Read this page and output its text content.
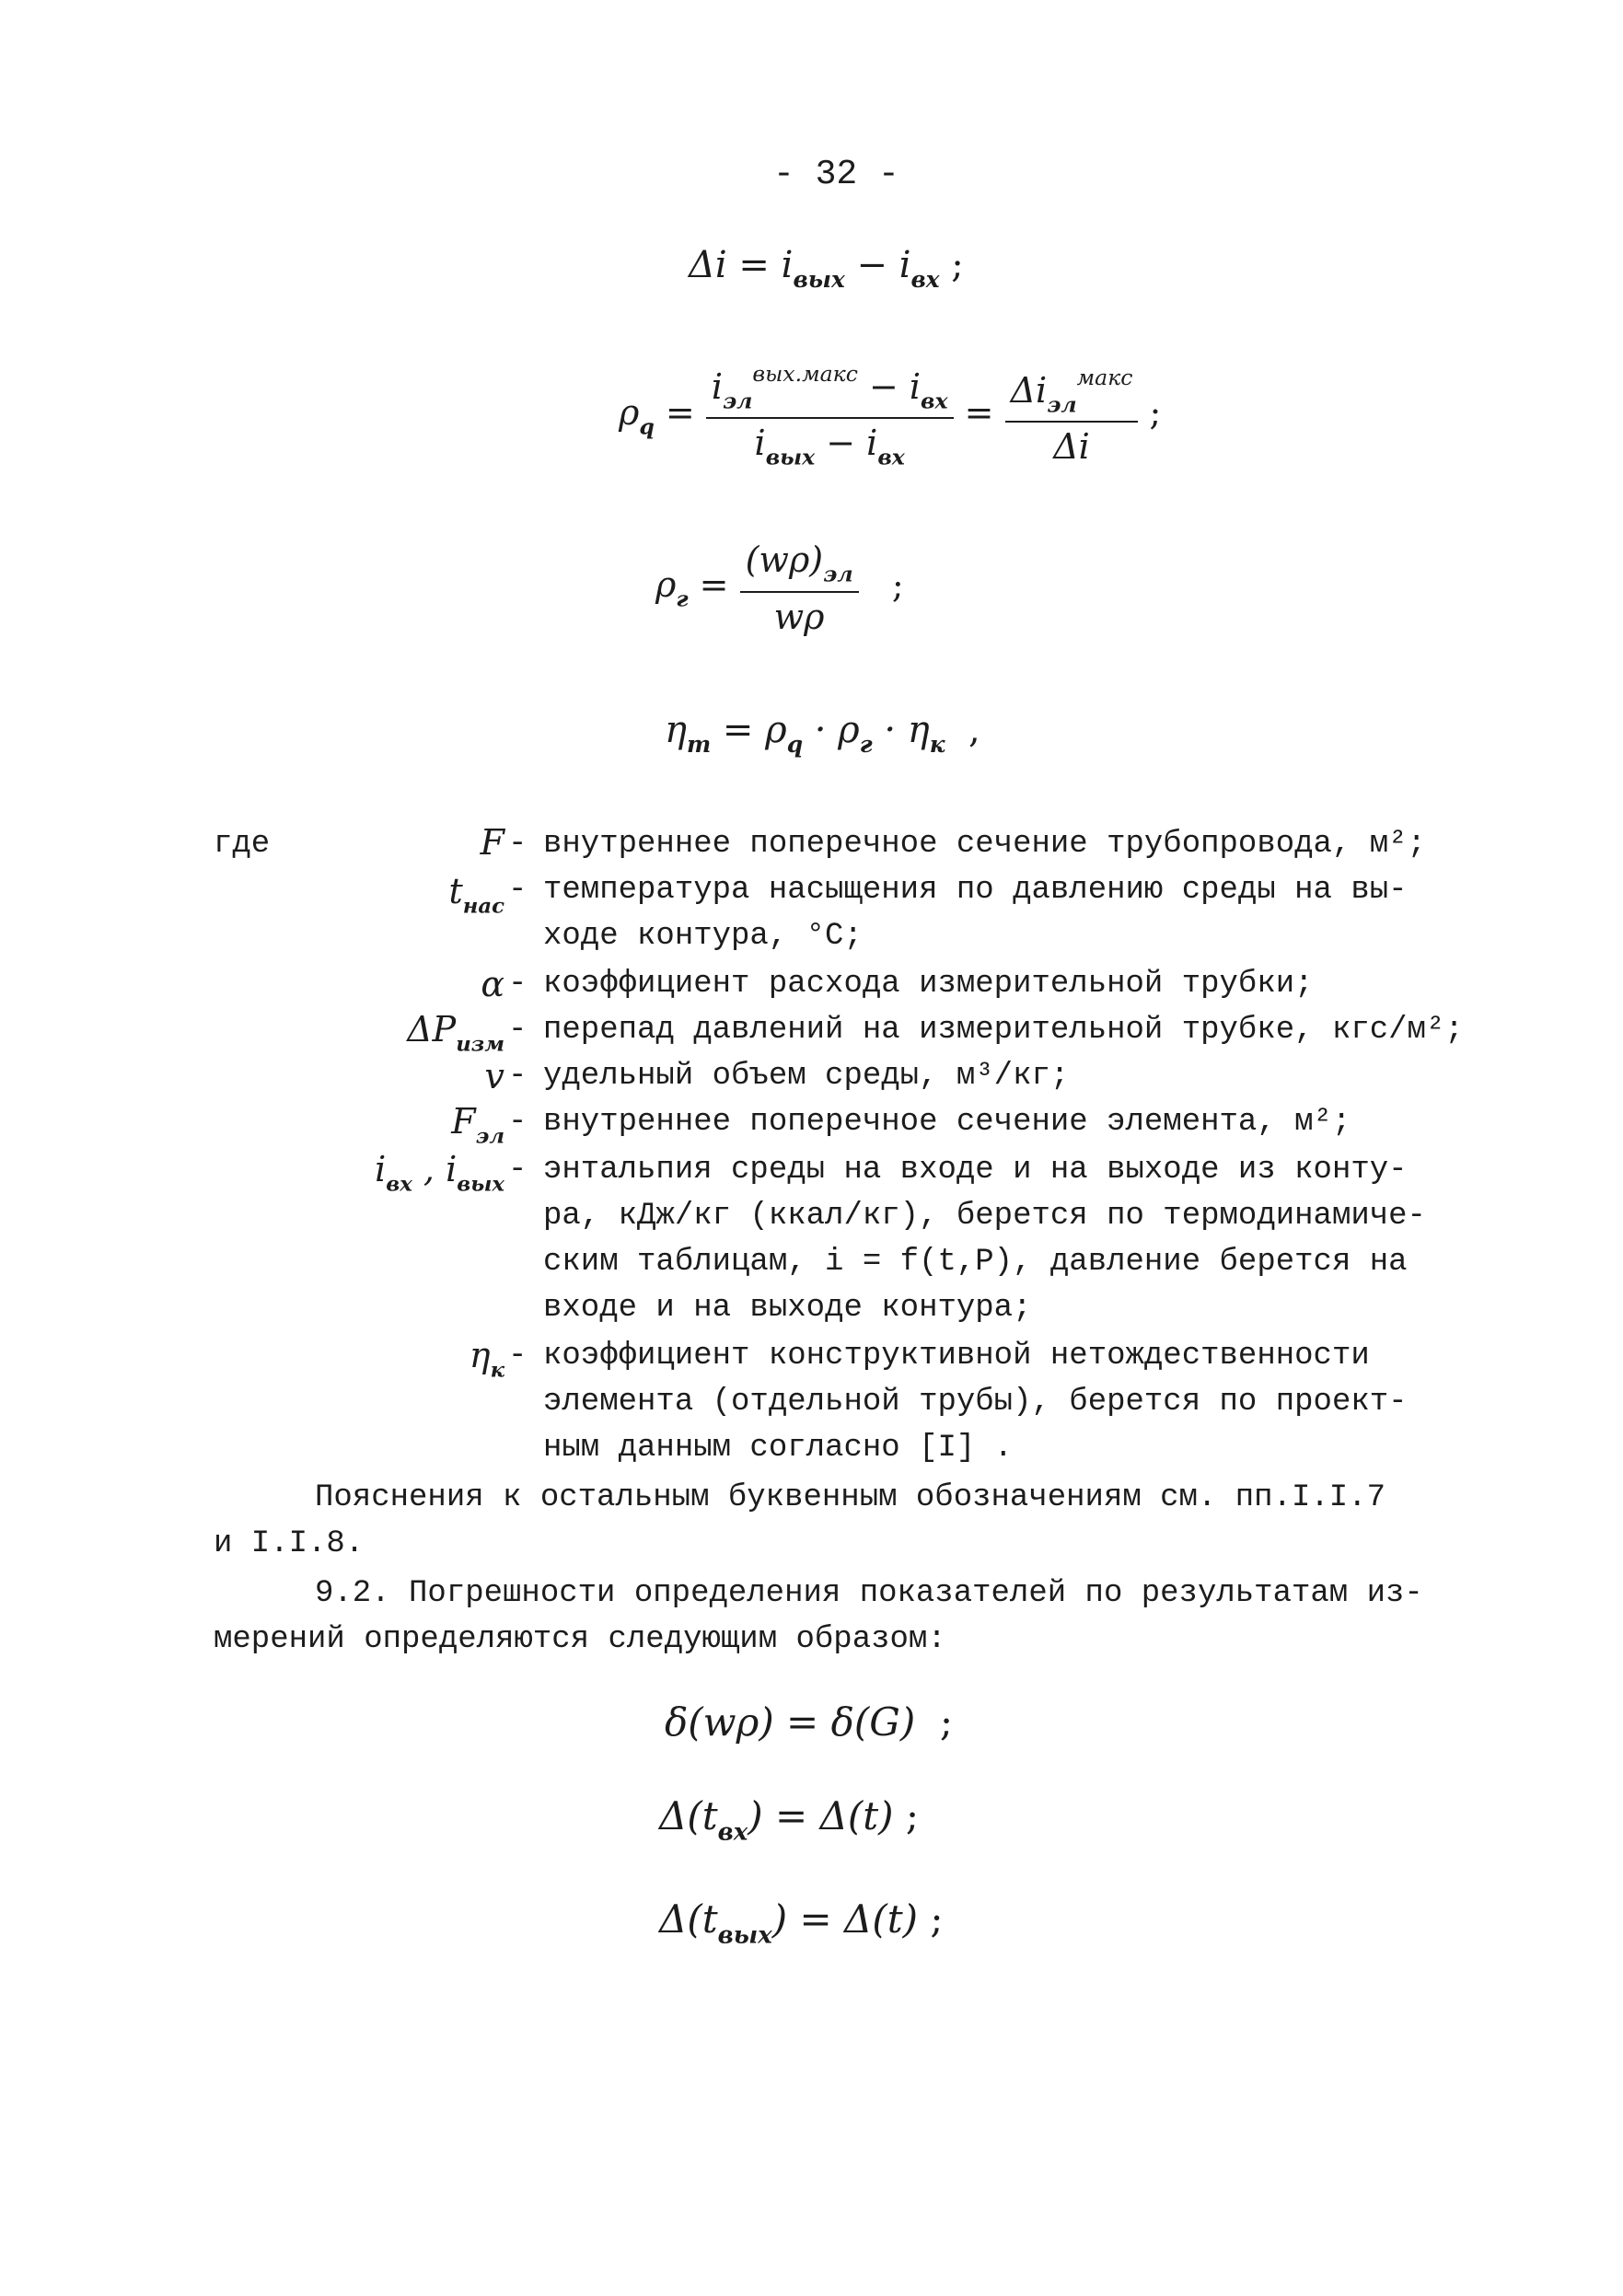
- 32 -
$\Delta i = i_{вых} - i_{вх}$ ;
$\rho_q = \frac{i_{эл}^{вых.макс} - i_{вх}}{i_{вых} - i_{вх}} = \frac{\Delta i_{эл}^{макс}}{\Delta i}$ ;
$\rho_г = \frac{(w\rho)_{эл}}{w\rho}$ ;
$\eta_т = \rho_q \cdot \rho_г \cdot \eta_к$  ,
где	F - внутреннее поперечное сечение трубопровода, м²;
$t_{нас}$ - температура насыщения по давлению среды на вы-
ходе контура, °С;
α - коэффициент расхода измерительной трубки;
$\Delta P_{изм}$ - перепад давлений на измерительной трубке, кгс/м²;
v - удельный объем среды, м³/кг;
$F_{эл}$ - внутреннее поперечное сечение элемента, м²;
$i_{вх}$ , $i_{вых}$ - энтальпия среды на входе и на выходе из конту-
ра, кДж/кг (ккал/кг), берется по термодинамиче-
ским таблицам, i = f(t,P), давление берется на
входе и на выходе контура;
$\eta_к$ - коэффициент конструктивной нетождественности
элемента (отдельной трубы), берется по проект-
ным данным согласно [I] .
Пояснения к остальным буквенным обозначениям см. пп.I.I.7
и I.I.8.
9.2. Погрешности определения показателей по результатам из-
мерений определяются следующим образом:
δ(wρ) = δ(G)  ;
$\Delta(t_{вх}) = \Delta(t)$ ;
$\Delta(t_{вых}) = \Delta(t)$ ;
